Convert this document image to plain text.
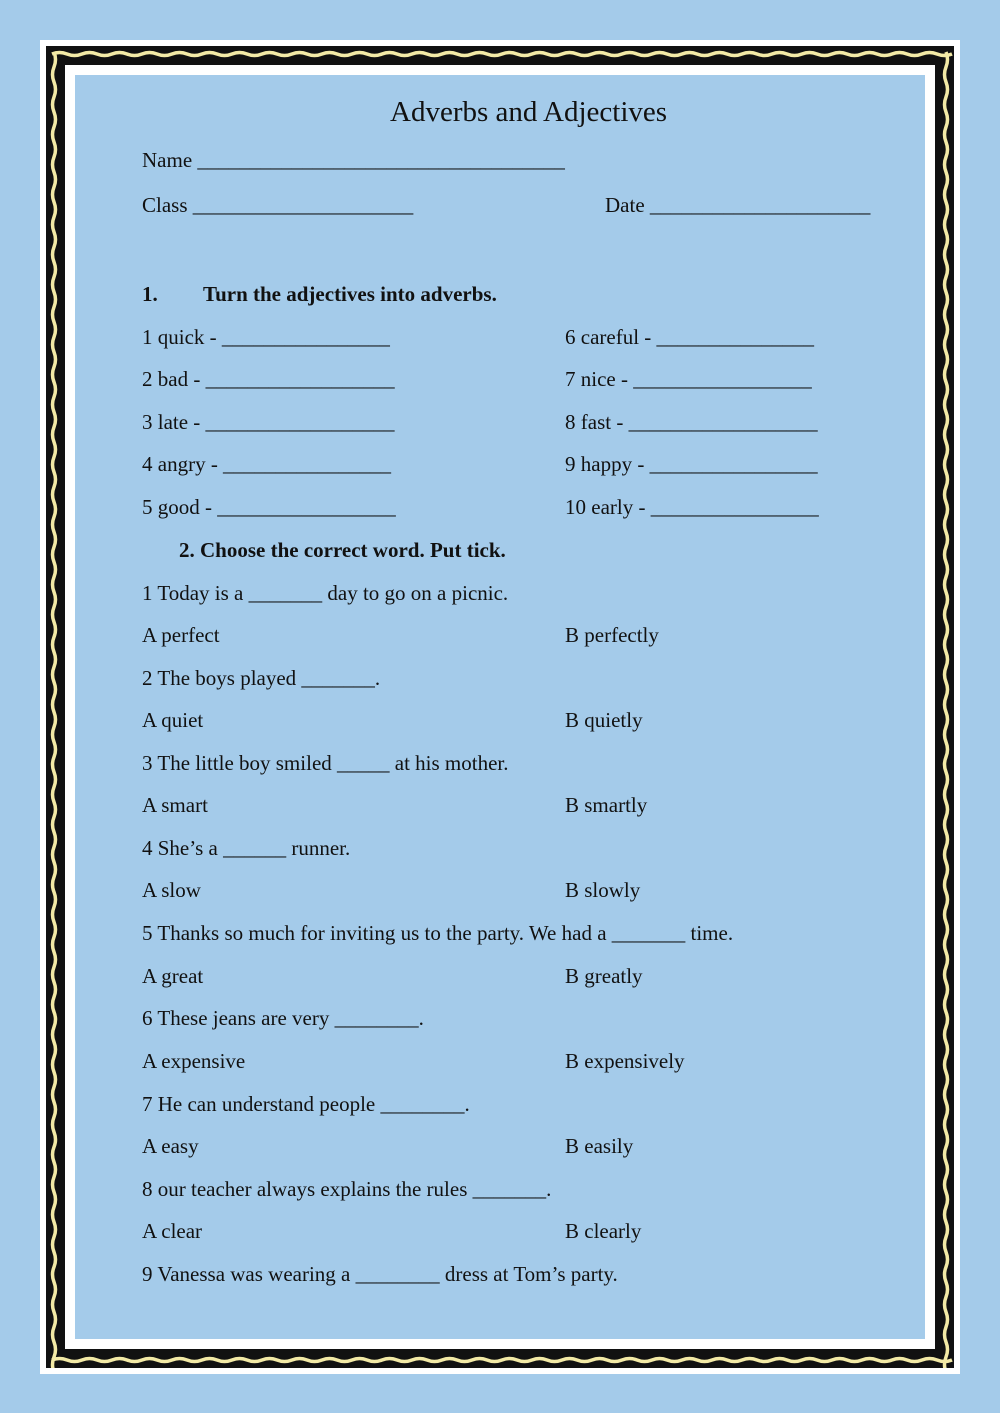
Adverbs and Adjectives
Name ___________________________________
Class _____________________	Date _____________________
1. Turn the adjectives into adverbs.
1 quick - ________________
2 bad - __________________
3 late - __________________
4 angry - ________________
5 good - _________________
6 careful - _______________
7 nice - _________________
8 fast - __________________
9 happy - ________________
10 early - ________________
2. Choose the correct word. Put tick.
1 Today is a _______ day to go on a picnic.
A perfect	B perfectly
2 The boys played _______.
A quiet	B quietly
3 The little boy smiled _____ at his mother.
A smart	B smartly
4 She’s a ______ runner.
A slow	B slowly
5 Thanks so much for inviting us to the party. We had a _______ time.
A great	B greatly
6 These jeans are very ________.
A expensive	B expensively
7 He can understand people ________.
A easy	B easily
8 our teacher always explains the rules _______.
A clear	B clearly
9 Vanessa was wearing a ________ dress at Tom’s party.
